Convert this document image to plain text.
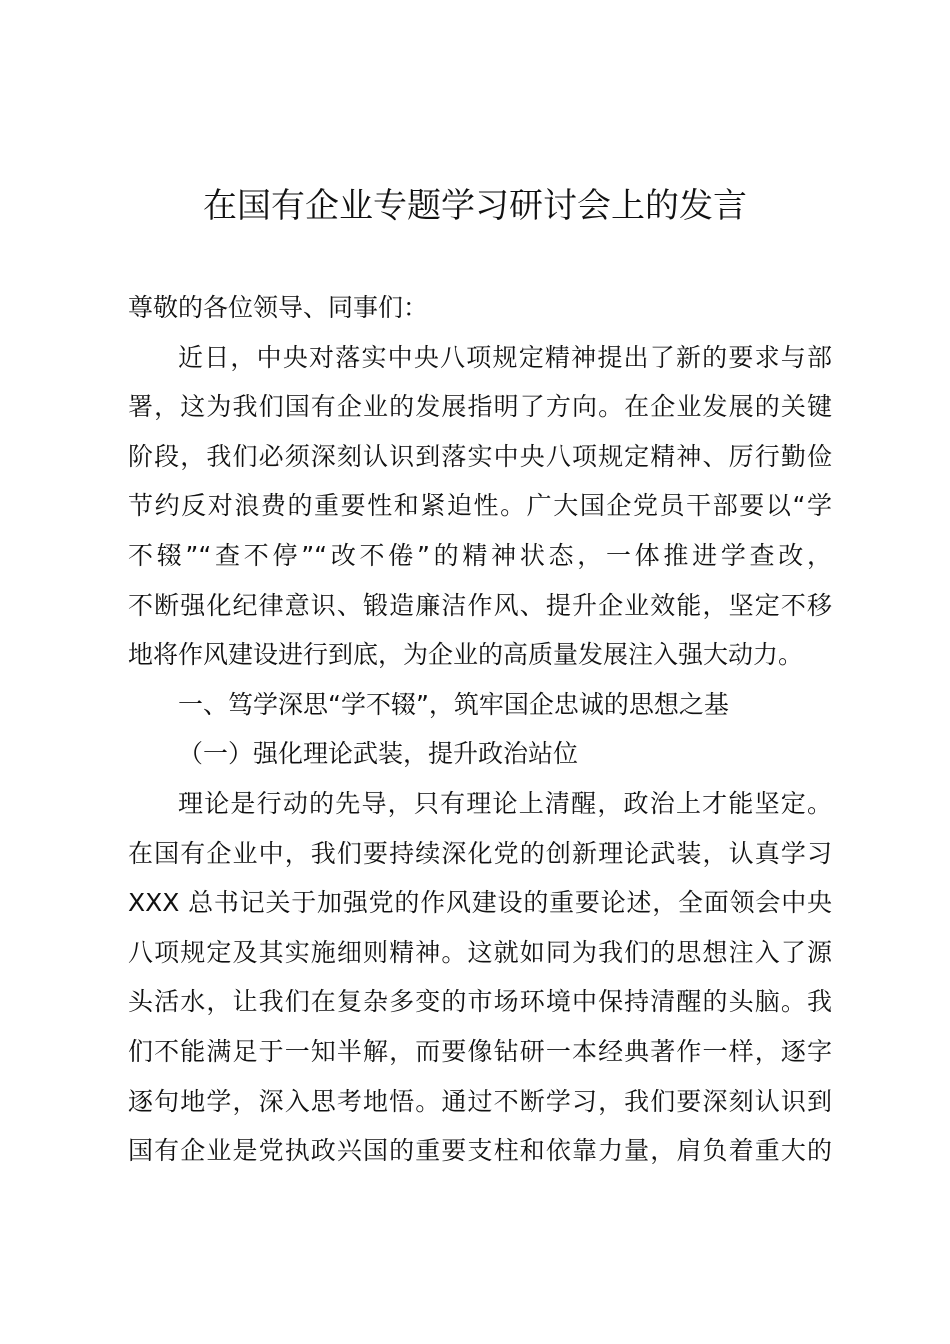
在国有企业专题学习研讨会上的发言
尊敬的各位领导、同事们：
近日，中央对落实中央八项规定精神提出了新的要求与部
署，这为我们国有企业的发展指明了方向。在企业发展的关键
阶段，我们必须深刻认识到落实中央八项规定精神、厉行勤俭
节约反对浪费的重要性和紧迫性。广大国企党员干部要以“学
不辍”“查不停”“改不倦”的精神状态，一体推进学查改，
不断强化纪律意识、锻造廉洁作风、提升企业效能，坚定不移
地将作风建设进行到底，为企业的高质量发展注入强大动力。
一、笃学深思“学不辍”，筑牢国企忠诚的思想之基
（一）强化理论武装，提升政治站位
理论是行动的先导，只有理论上清醒，政治上才能坚定。
在国有企业中，我们要持续深化党的创新理论武装，认真学习
XXX 总书记关于加强党的作风建设的重要论述，全面领会中央
八项规定及其实施细则精神。这就如同为我们的思想注入了源
头活水，让我们在复杂多变的市场环境中保持清醒的头脑。我
们不能满足于一知半解，而要像钻研一本经典著作一样，逐字
逐句地学，深入思考地悟。通过不断学习，我们要深刻认识到
国有企业是党执政兴国的重要支柱和依靠力量，肩负着重大的
